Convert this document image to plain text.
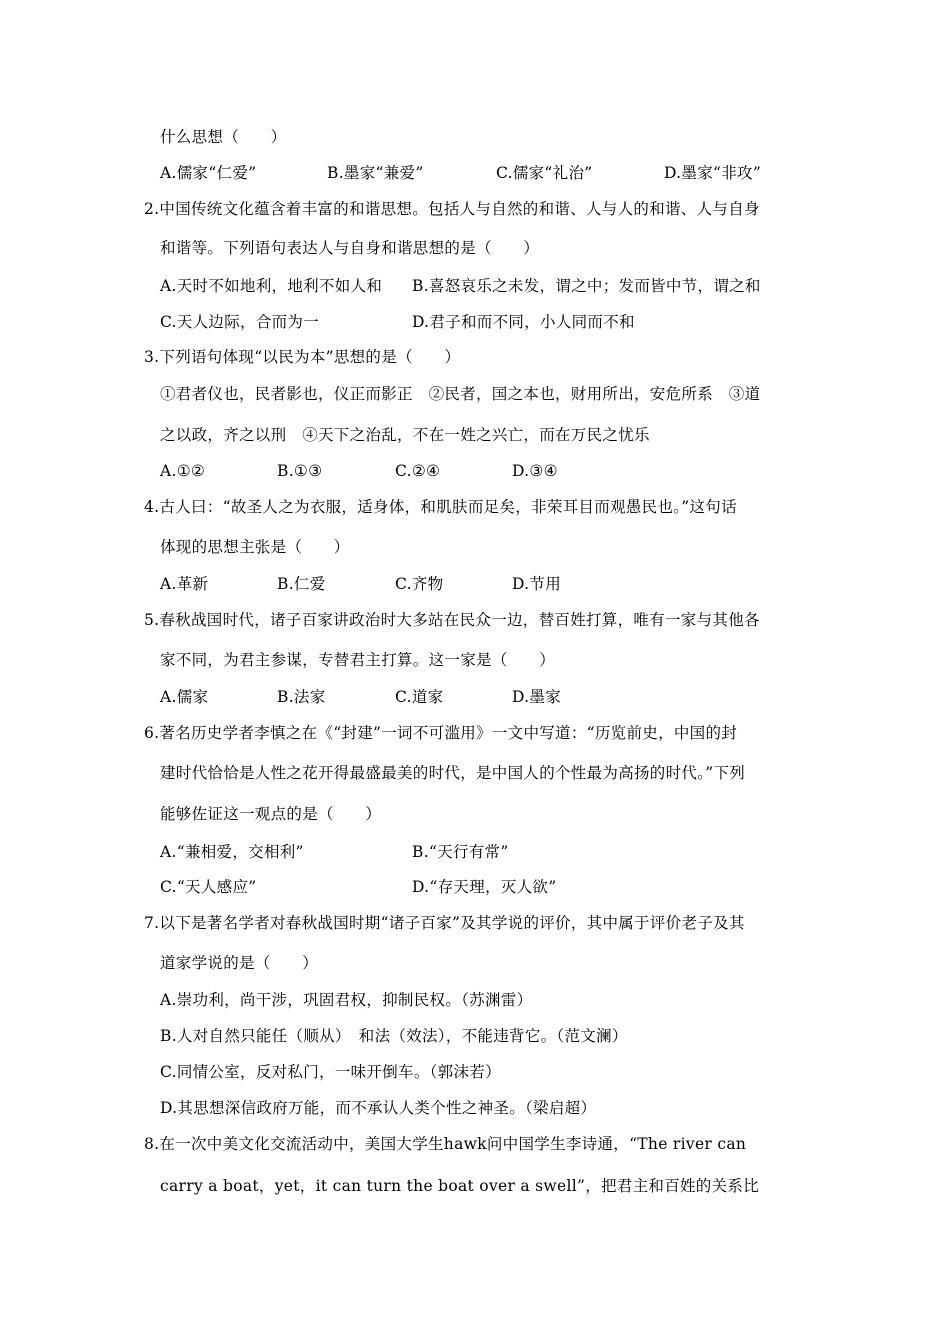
什么思想（　　）
A.儒家“仁爱”	B.墨家“兼爱”	C.儒家“礼治”	D.墨家“非攻”
2.中国传统文化蕴含着丰富的和谐思想。包括人与自然的和谐、人与人的和谐、人与自身
和谐等。下列语句表达人与自身和谐思想的是（　　）
A.天时不如地利，地利不如人和 B.喜怒哀乐之未发，谓之中；发而皆中节，谓之和
C.天人边际，合而为一	D.君子和而不同，小人同而不和
3.下列语句体现“以民为本”思想的是（　　）
①君者仪也，民者影也，仪正而影正　②民者，国之本也，财用所出，安危所系　③道
之以政，齐之以刑　④天下之治乱，不在一姓之兴亡，而在万民之忧乐
A.①②	B.①③	C.②④	D.③④
4.古人曰：“故圣人之为衣服，适身体，和肌肤而足矣，非荣耳目而观愚民也。”这句话
体现的思想主张是（　　）
A.革新	B.仁爱	C.齐物	D.节用
5.春秋战国时代，诸子百家讲政治时大多站在民众一边，替百姓打算，唯有一家与其他各
家不同，为君主参谋，专替君主打算。这一家是（　　）
A.儒家	B.法家	C.道家	D.墨家
6.著名历史学者李慎之在《“封建”一词不可滥用》一文中写道：“历览前史，中国的封
建时代恰恰是人性之花开得最盛最美的时代，是中国人的个性最为高扬的时代。”下列
能够佐证这一观点的是（　　）
A.“兼相爱，交相利”	B.“天行有常”
C.“天人感应”	D.“存天理，灭人欲”
7.以下是著名学者对春秋战国时期“诸子百家”及其学说的评价，其中属于评价老子及其
道家学说的是（　　）
A.崇功利，尚干涉，巩固君权，抑制民权。（苏渊雷）
B.人对自然只能任（顺从）　和法（效法），不能违背它。（范文澜）
C.同情公室，反对私门，一味开倒车。（郭沫若）
D.其思想深信政府万能，而不承认人类个性之神圣。（梁启超）
8.在一次中美文化交流活动中，美国大学生hawk问中国学生李诗通，“The river can
carry a boat，yet，it can turn the boat over a swell”，把君主和百姓的关系比
